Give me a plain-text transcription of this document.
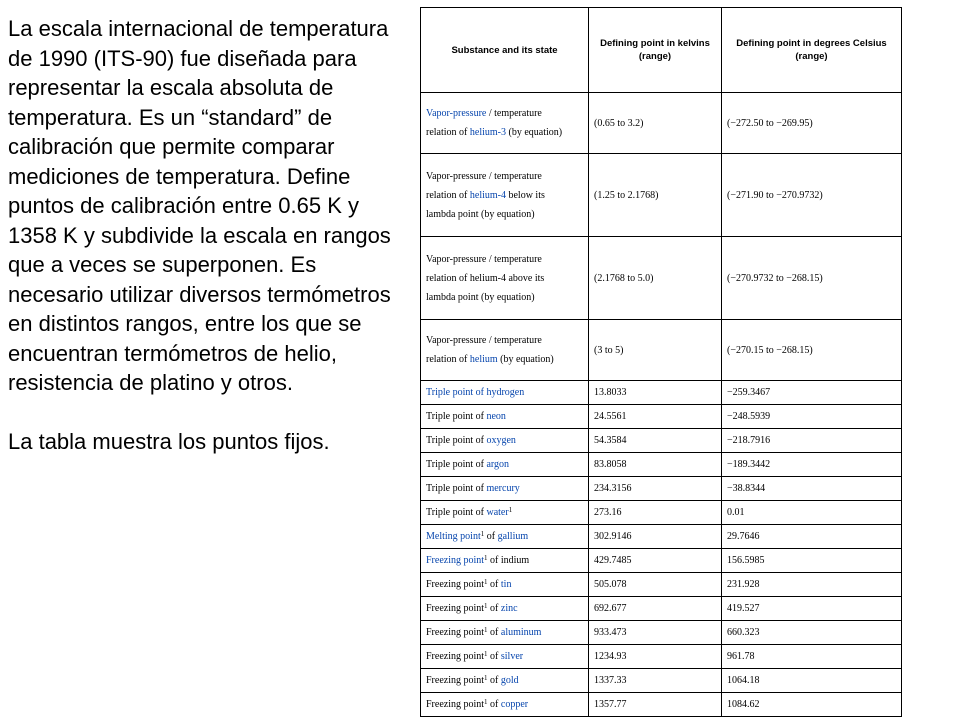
La escala internacional de temperatura de 1990 (ITS-90) fue diseñada para representar la escala absoluta de temperatura. Es un “standard” de calibración que permite comparar mediciones de temperatura. Define puntos de calibración entre 0.65 K y 1358 K y subdivide la escala en rangos que a veces se superponen. Es necesario utilizar diversos termómetros en distintos rangos, entre los que se encuentran termómetros de helio, resistencia de platino y otros.

La tabla muestra los puntos fijos.

Substance and its state	Defining point in kelvins (range)	Defining point in degrees Celsius (range)

Vapor-pressure / temperature
relation of helium-3 (by equation)	(0.65 to 3.2)	(−272.50 to −269.95)

Vapor-pressure / temperature
relation of helium-4 below its
lambda point (by equation)	(1.25 to 2.1768)	(−271.90 to −270.9732)

Vapor-pressure / temperature
relation of helium-4 above its
lambda point (by equation)	(2.1768 to 5.0)	(−270.9732 to −268.15)

Vapor-pressure / temperature
relation of helium (by equation)	(3 to 5)	(−270.15 to −268.15)

Triple point of hydrogen	13.8033	−259.3467

Triple point of neon	24.5561	−248.5939

Triple point of oxygen	54.3584	−218.7916

Triple point of argon	83.8058	−189.3442

Triple point of mercury	234.3156	−38.8344

Triple point of water$^1$	273.16	0.01

Melting point$^1$ of gallium	302.9146	29.7646

Freezing point$^1$ of indium	429.7485	156.5985

Freezing point$^1$ of tin	505.078	231.928

Freezing point$^1$ of zinc	692.677	419.527

Freezing point$^1$ of aluminum	933.473	660.323

Freezing point$^1$ of silver	1234.93	961.78

Freezing point$^1$ of gold	1337.33	1064.18

Freezing point$^1$ of copper	1357.77	1084.62
